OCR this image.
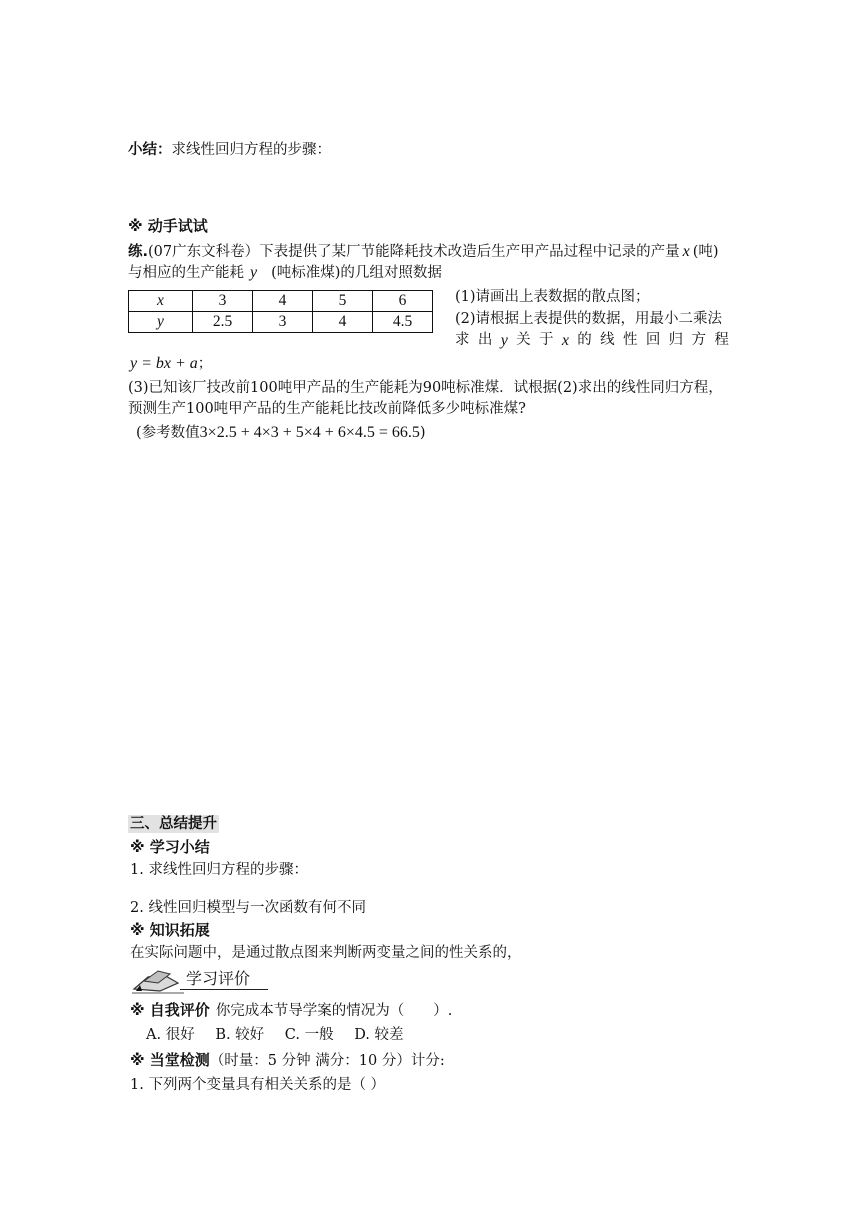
小结：求线性回归方程的步骤：
※ 动手试试
练.(07广东文科卷）下表提供了某厂节能降耗技术改造后生产甲产品过程中记录的产量 x (吨)
与相应的生产能耗 y (吨标准煤)的几组对照数据
x	3	4	5	6
y	2.5	3	4	4.5
(1)请画出上表数据的散点图；
(2)请根据上表提供的数据，用最小二乘法
求 出 y 关 于 x 的 线 性 回 归 方 程
y = bx + a；
(3)已知该厂技改前100吨甲产品的生产能耗为90吨标准煤．试根据(2)求出的线性同归方程，
预测生产100吨甲产品的生产能耗比技改前降低多少吨标准煤?
(参考数值3×2.5 + 4×3 + 5×4 + 6×4.5 = 66.5)
三、总结提升
※ 学习小结
1. 求线性回归方程的步骤：
2. 线性回归模型与一次函数有何不同
※ 知识拓展
在实际问题中，是通过散点图来判断两变量之间的性关系的，
学习评价
※ 自我评价 你完成本节导学案的情况为（　　）.
A. 很好 B. 较好 C. 一般 D. 较差
※ 当堂检测（时量：5 分钟 满分：10 分）计分:
1. 下列两个变量具有相关关系的是（ ）
